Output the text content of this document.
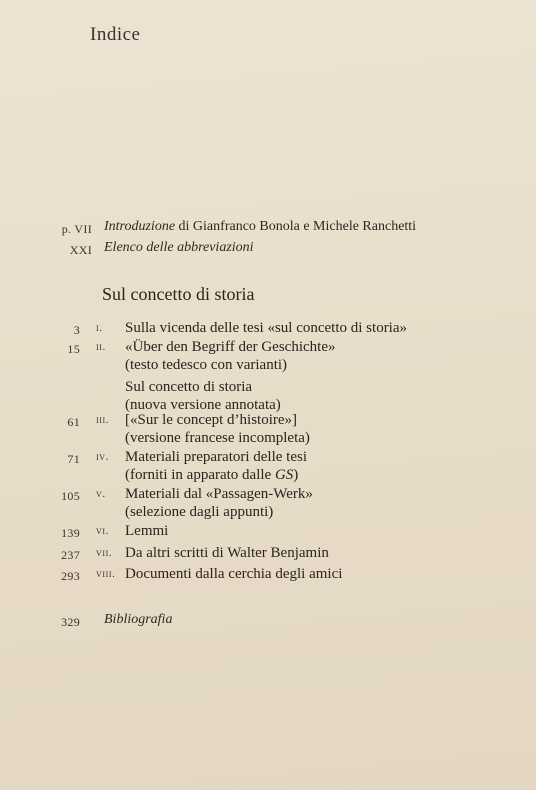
Indice
p. VII Introduzione di Gianfranco Bonola e Michele Ranchetti
XXI Elenco delle abbreviazioni
Sul concetto di storia
3 i.	Sulla vicenda delle tesi «sul concetto di storia»
15 ii.	«Über den Begriff der Geschichte»
(testo tedesco con varianti)
Sul concetto di storia
(nuova versione annotata)
61 iii.	[«Sur le concept d’histoire»]
(versione francese incompleta)
71 iv.	Materiali preparatori delle tesi
(forniti in apparato dalle GS)
105 v.	Materiali dal «Passagen-Werk»
(selezione dagli appunti)
139 vi.	Lemmi
237 vii. Da altri scritti di Walter Benjamin
293 viii. Documenti dalla cerchia degli amici
329 Bibliografia
